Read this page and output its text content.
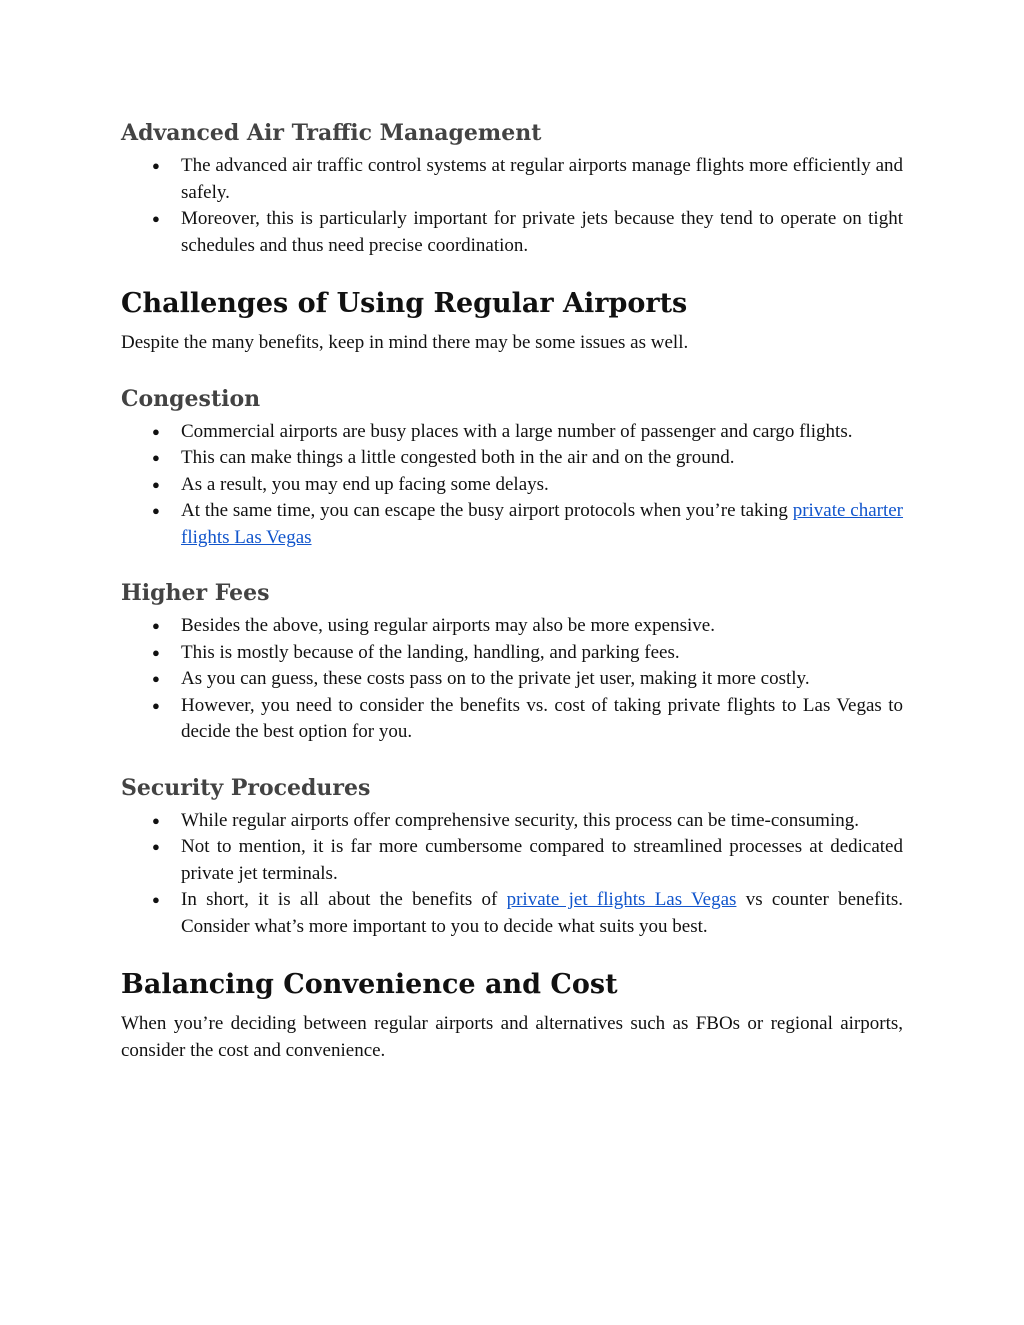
Advanced Air Traffic Management
● The advanced air traffic control systems at regular airports manage flights more efficiently and safely.
● Moreover, this is particularly important for private jets because they tend to operate on tight schedules and thus need precise coordination.
Challenges of Using Regular Airports

Despite the many benefits, keep in mind there may be some issues as well.

Congestion
● Commercial airports are busy places with a large number of passenger and cargo flights.
● This can make things a little congested both in the air and on the ground.
● As a result, you may end up facing some delays.
● At the same time, you can escape the busy airport protocols when you’re taking private charter flights Las Vegas
Higher Fees
● Besides the above, using regular airports may also be more expensive.
● This is mostly because of the landing, handling, and parking fees.
● As you can guess, these costs pass on to the private jet user, making it more costly.
● However, you need to consider the benefits vs. cost of taking private flights to Las Vegas to decide the best option for you.
Security Procedures
● While regular airports offer comprehensive security, this process can be time-consuming.
● Not to mention, it is far more cumbersome compared to streamlined processes at dedicated private jet terminals.
● In short, it is all about the benefits of private jet flights Las Vegas vs counter benefits. Consider what’s more important to you to decide what suits you best.
Balancing Convenience and Cost

When you’re deciding between regular airports and alternatives such as FBOs or regional airports, consider the cost and convenience.
